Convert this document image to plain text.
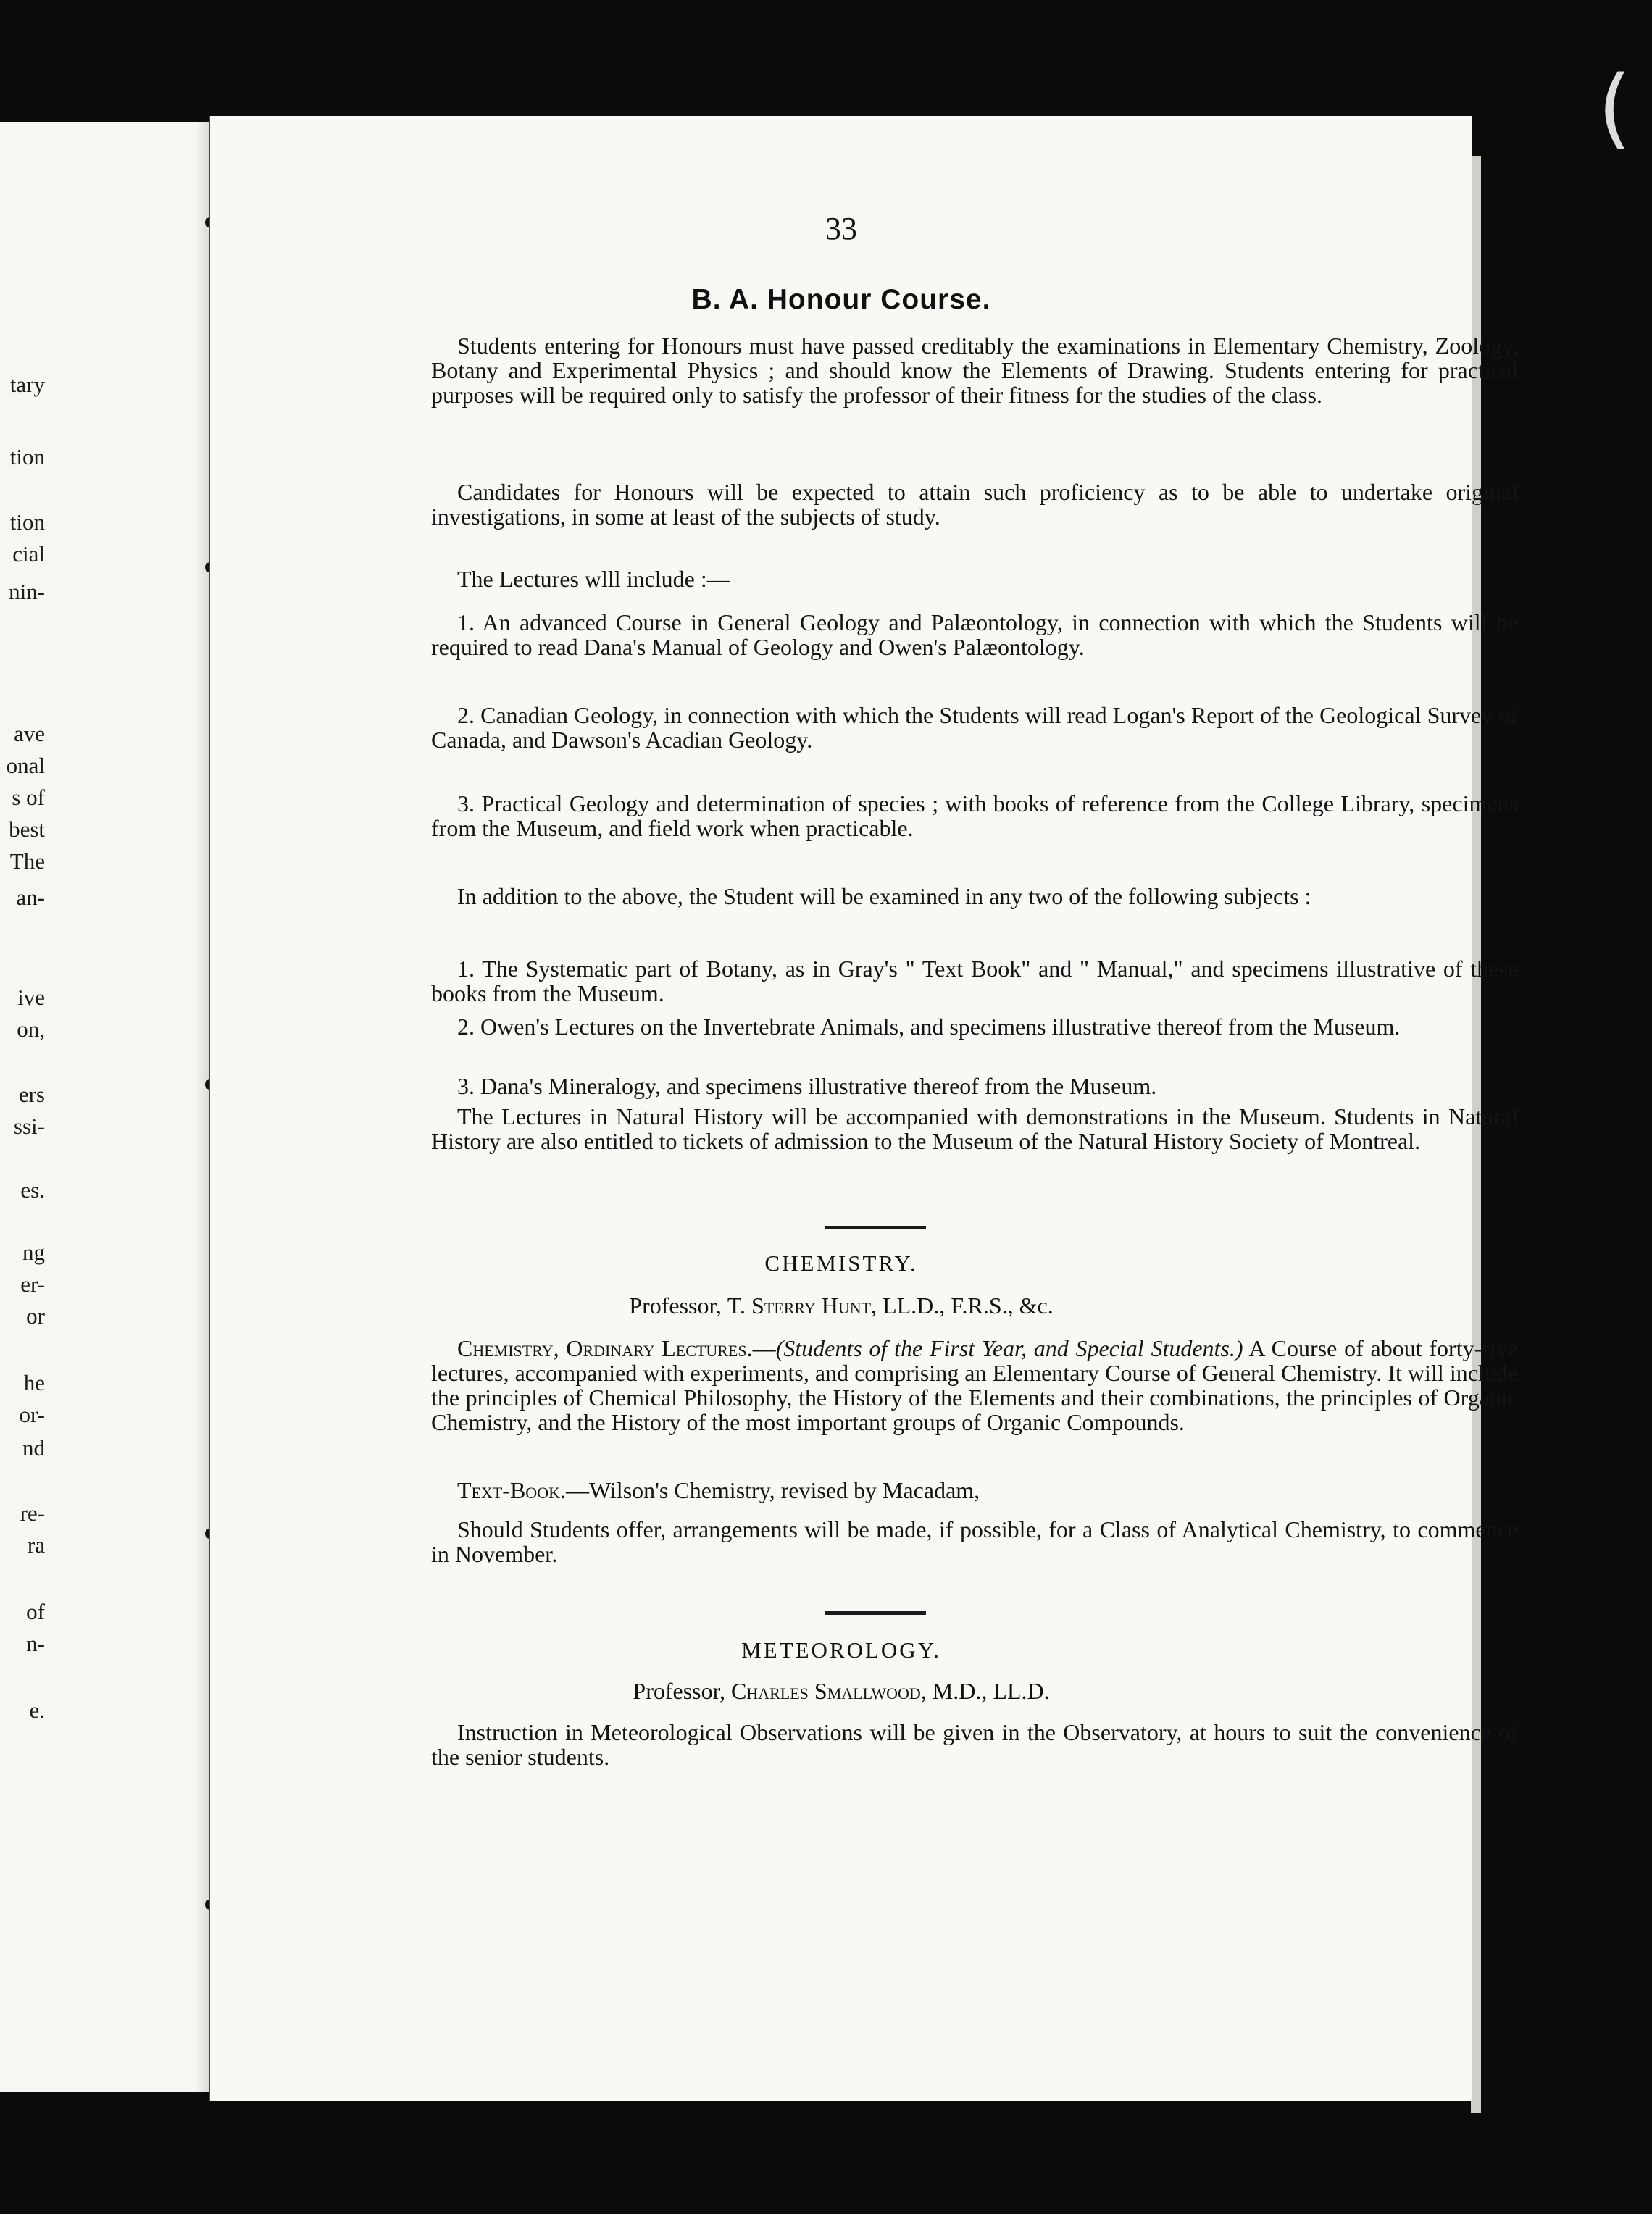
tary
tion
tion
cial
nin-
ave
onal
s of
best
The
an-
ive
on,
ers
ssi-
es.
ng
er-
or
he
or-
nd
re-
ra
of
n-
e.
(
33
B. A. Honour Course.
Students entering for Honours must have passed creditably the examinations in Elementary Chemistry, Zoology, Botany and Experimental Physics ; and should know the Elements of Drawing. Students entering for practical purposes will be required only to satisfy the professor of their fitness for the studies of the class.
Candidates for Honours will be expected to attain such proficiency as to be able to undertake original investigations, in some at least of the subjects of study.
The Lectures wlll include :—
1. An advanced Course in General Geology and Palæontology, in connection with which the Students will be required to read Dana's Manual of Geology and Owen's Palæontology.
2. Canadian Geology, in connection with which the Students will read Logan's Report of the Geological Survey of Canada, and Dawson's Acadian Geology.
3. Practical Geology and determination of species ; with books of reference from the College Library, specimens from the Museum, and field work when practicable.
In addition to the above, the Student will be examined in any two of the following subjects :
1. The Systematic part of Botany, as in Gray's " Text Book" and " Manual," and specimens illustrative of these books from the Museum.
2. Owen's Lectures on the Invertebrate Animals, and specimens illustrative thereof from the Museum.
3. Dana's Mineralogy, and specimens illustrative thereof from the Museum.
The Lectures in Natural History will be accompanied with demonstrations in the Museum. Students in Natural History are also entitled to tickets of admission to the Museum of the Natural History Society of Montreal.
CHEMISTRY.
Professor, T. Sterry Hunt, LL.D., F.R.S., &c.
Chemistry, Ordinary Lectures.—(Students of the First Year, and Special Students.) A Course of about forty-five lectures, accompanied with experiments, and comprising an Elementary Course of General Chemistry. It will include the principles of Chemical Philosophy, the History of the Elements and their combinations, the principles of Organic Chemistry, and the History of the most important groups of Organic Compounds.
Text-Book.—Wilson's Chemistry, revised by Macadam,
Should Students offer, arrangements will be made, if possible, for a Class of Analytical Chemistry, to commence in November.
METEOROLOGY.
Professor, Charles Smallwood, M.D., LL.D.
Instruction in Meteorological Observations will be given in the Observatory, at hours to suit the convenience of the senior students.
